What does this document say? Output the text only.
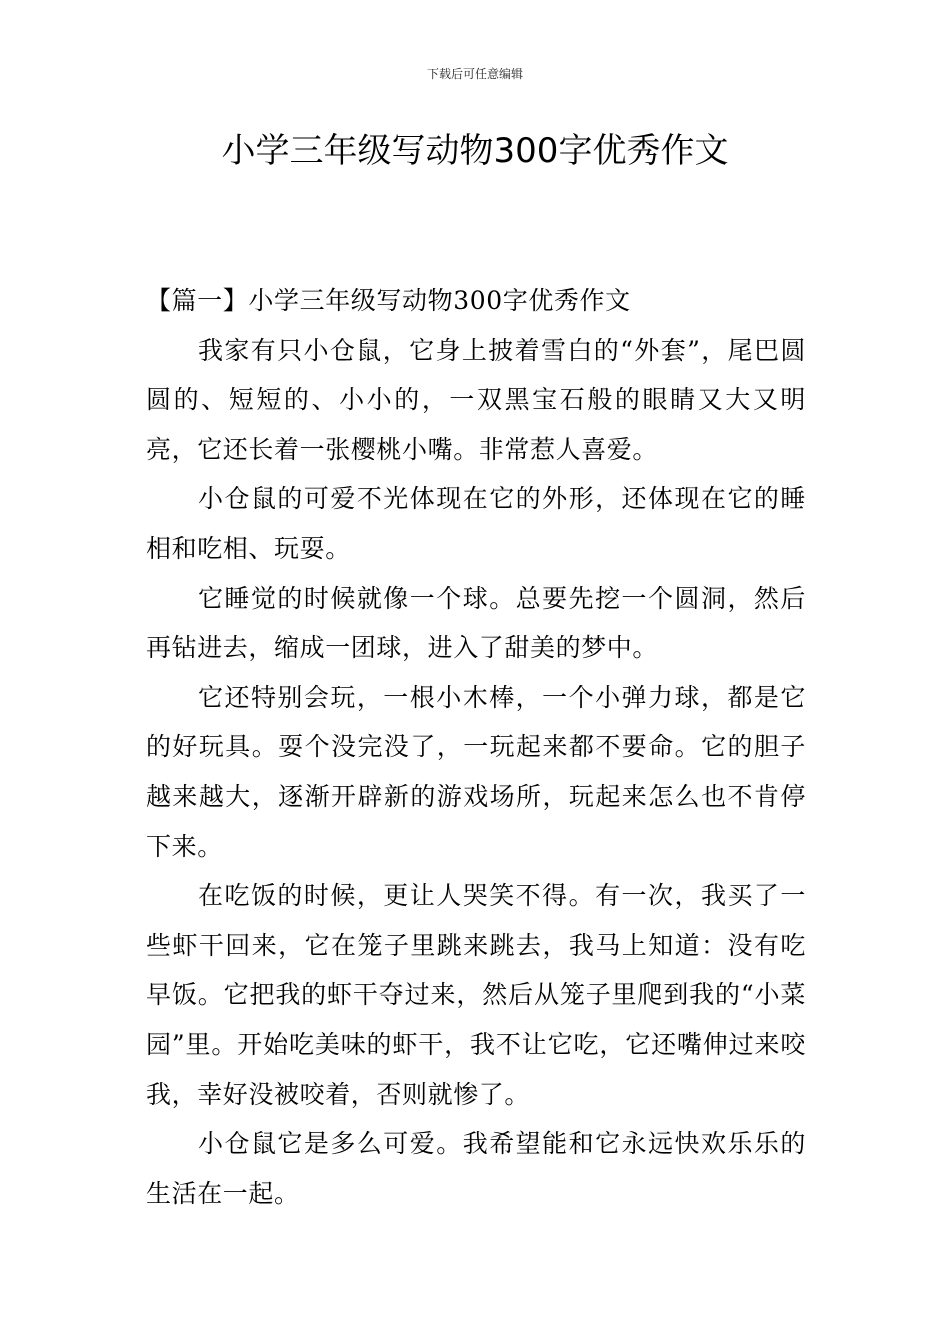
下载后可任意编辑
小学三年级写动物300字优秀作文

【篇一】小学三年级写动物300字优秀作文

我家有只小仓鼠，它身上披着雪白的“外套”，尾巴圆圆的、短短的、小小的，一双黑宝石般的眼睛又大又明亮，它还长着一张樱桃小嘴。非常惹人喜爱。

小仓鼠的可爱不光体现在它的外形，还体现在它的睡相和吃相、玩耍。

它睡觉的时候就像一个球。总要先挖一个圆洞，然后再钻进去，缩成一团球，进入了甜美的梦中。

它还特别会玩，一根小木棒，一个小弹力球，都是它的好玩具。耍个没完没了，一玩起来都不要命。它的胆子越来越大，逐渐开辟新的游戏场所，玩起来怎么也不肯停下来。

在吃饭的时候，更让人哭笑不得。有一次，我买了一些虾干回来，它在笼子里跳来跳去，我马上知道：没有吃早饭。它把我的虾干夺过来，然后从笼子里爬到我的“小菜园”里。开始吃美味的虾干，我不让它吃，它还嘴伸过来咬我，幸好没被咬着，否则就惨了。

小仓鼠它是多么可爱。我希望能和它永远快欢乐乐的生活在一起。
